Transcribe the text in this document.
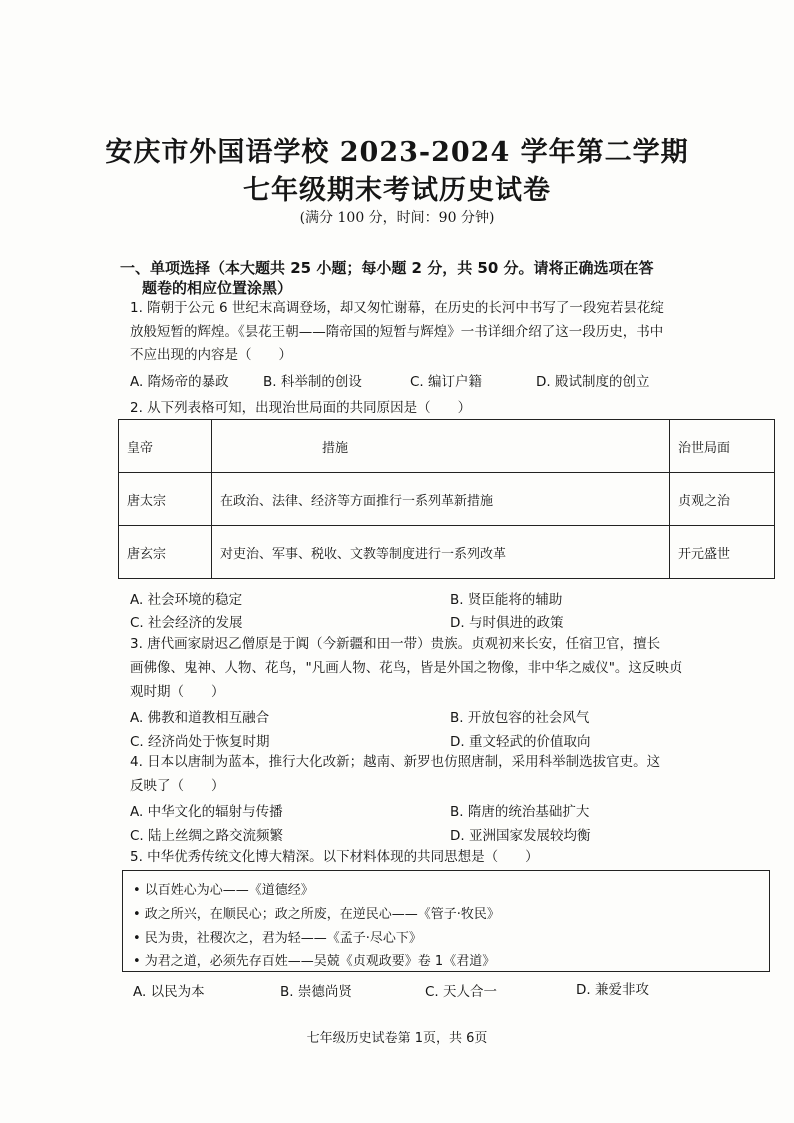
安庆市外国语学校 2023-2024 学年第二学期
七年级期末考试历史试卷
(满分 100 分，时间：90 分钟)
一、单项选择（本大题共 25 小题；每小题 2 分，共 50 分。请将正确选项在答
题卷的相应位置涂黑）
1. 隋朝于公元 6 世纪末高调登场，却又匆忙谢幕，在历史的长河中书写了一段宛若昙花绽
放般短暂的辉煌。《昙花王朝——隋帝国的短暂与辉煌》一书详细介绍了这一段历史，书中
不应出现的内容是（　　）
A. 隋炀帝的暴政	B. 科举制的创设	C. 编订户籍	D. 殿试制度的创立
2. 从下列表格可知，出现治世局面的共同原因是（　　）
皇帝	措施	治世局面
唐太宗	在政治、法律、经济等方面推行一系列革新措施	贞观之治
唐玄宗	对吏治、军事、税收、文教等制度进行一系列改革	开元盛世
A. 社会环境的稳定	B. 贤臣能将的辅助
C. 社会经济的发展	D. 与时俱进的政策
3. 唐代画家尉迟乙僧原是于阗（今新疆和田一带）贵族。贞观初来长安，任宿卫官，擅长
画佛像、鬼神、人物、花鸟，"凡画人物、花鸟，皆是外国之物像，非中华之威仪"。这反映贞
观时期（　　）
A. 佛教和道教相互融合	B. 开放包容的社会风气
C. 经济尚处于恢复时期	D. 重文轻武的价值取向
4. 日本以唐制为蓝本，推行大化改新；越南、新罗也仿照唐制，采用科举制选拔官吏。这
反映了（　　）
A. 中华文化的辐射与传播	B. 隋唐的统治基础扩大
C. 陆上丝绸之路交流频繁	D. 亚洲国家发展较均衡
5. 中华优秀传统文化博大精深。以下材料体现的共同思想是（　　）
• 以百姓心为心——《道德经》
• 政之所兴，在顺民心；政之所废，在逆民心——《管子·牧民》
• 民为贵，社稷次之，君为轻——《孟子·尽心下》
• 为君之道，必须先存百姓——吴兢《贞观政要》卷 1《君道》
A. 以民为本	B. 崇德尚贤	C. 天人合一	D. 兼爱非攻
七年级历史试卷第 1页，共 6页
